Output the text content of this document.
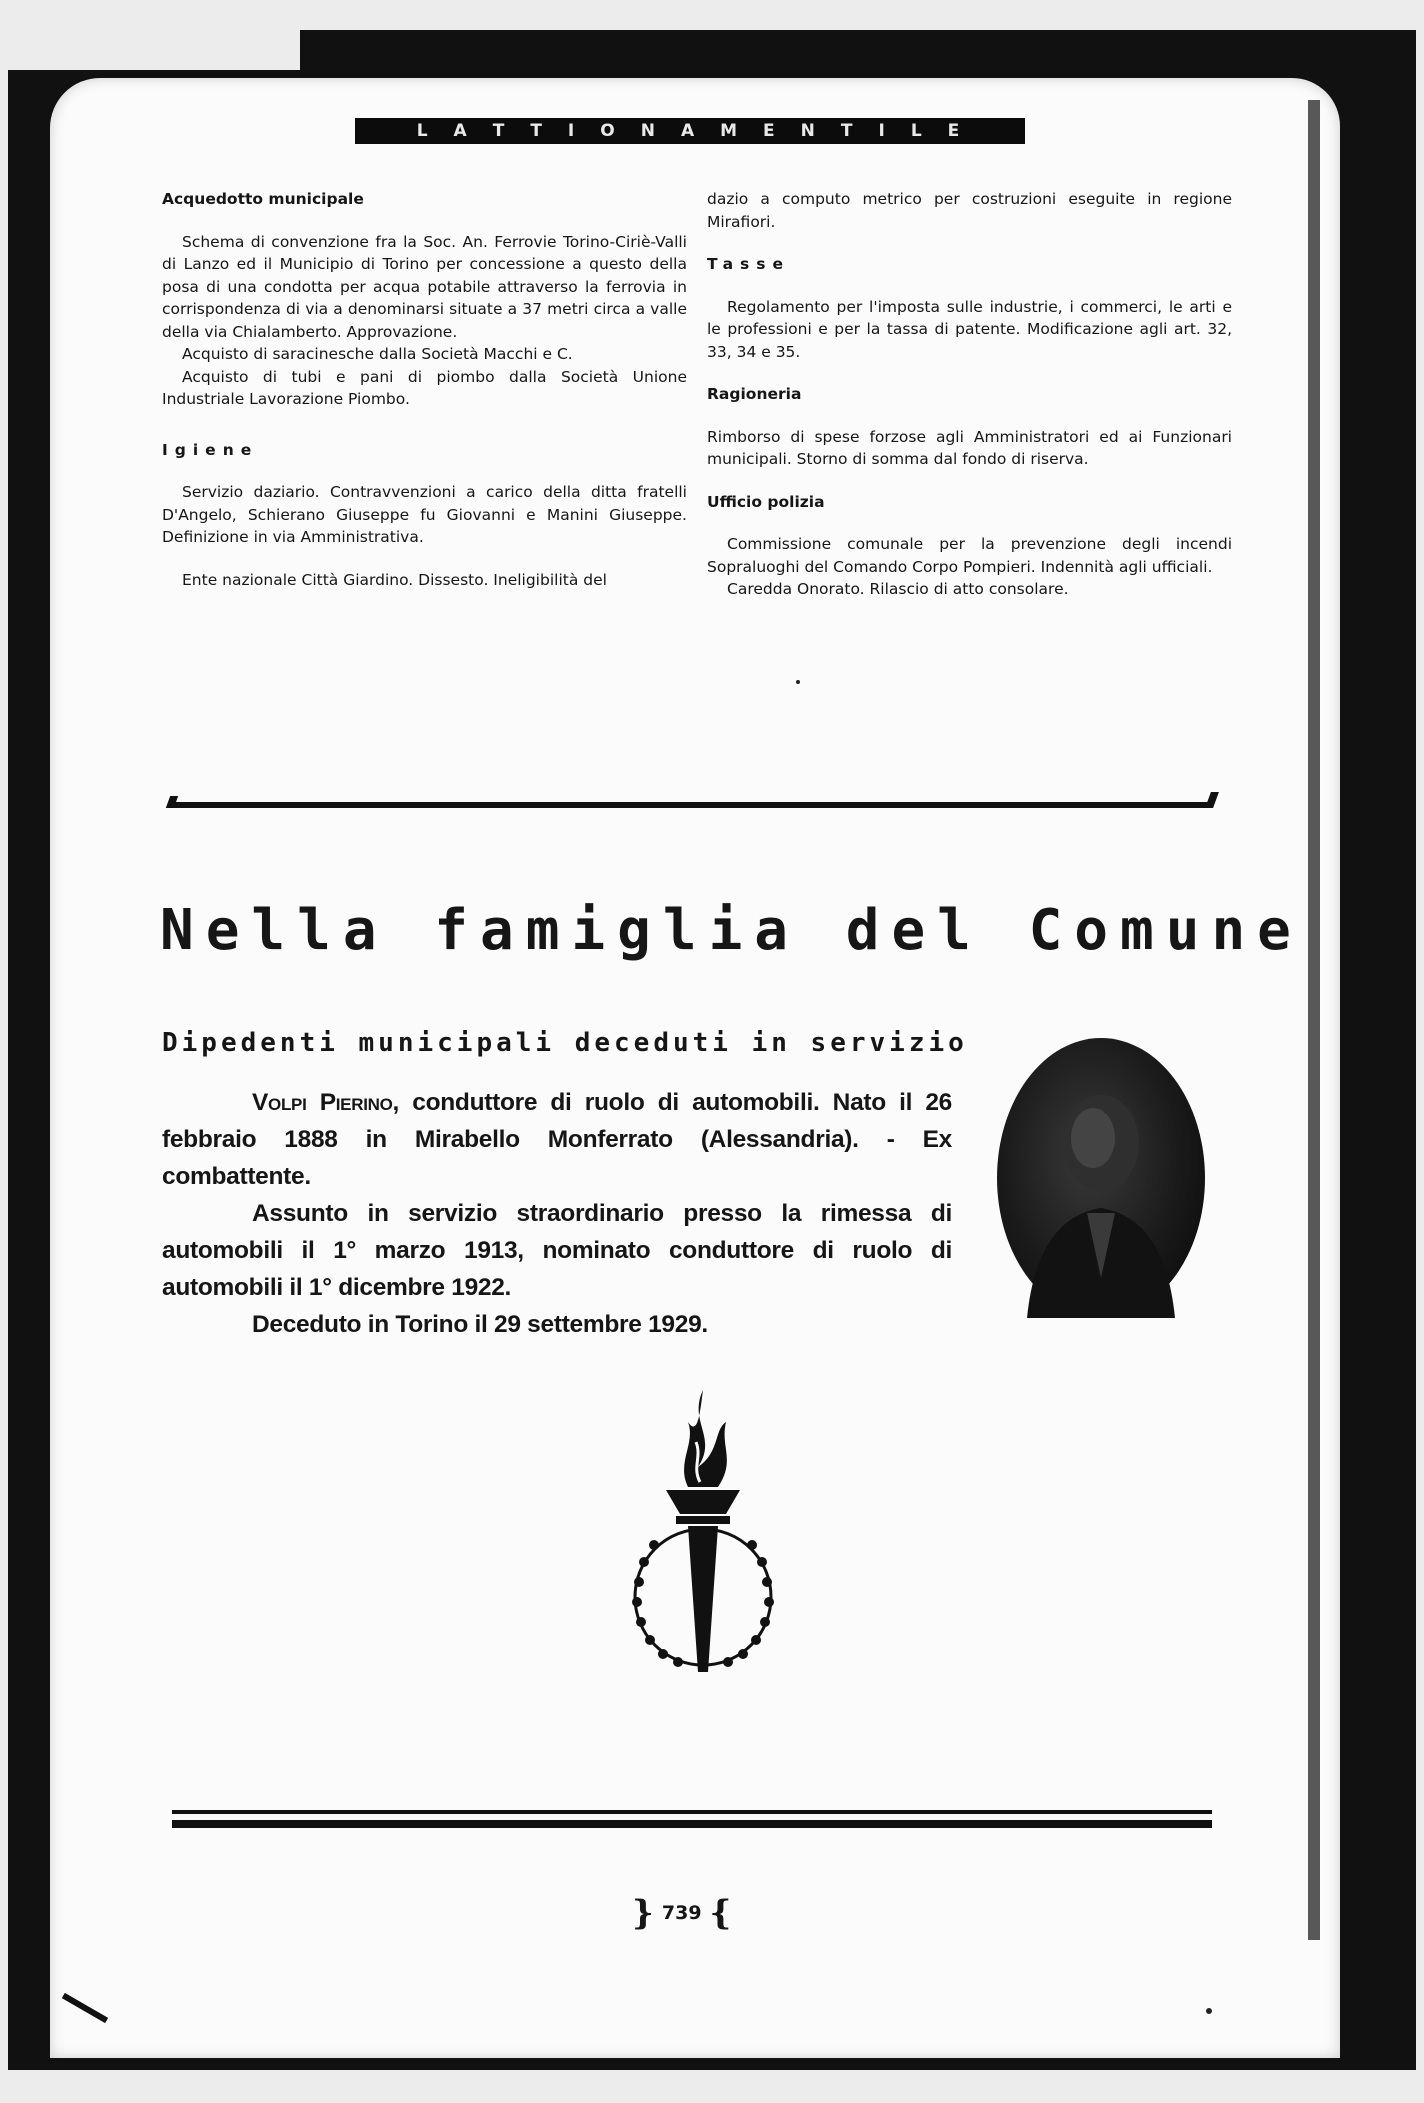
L A T T I O N A M E N T I L E
Acquedotto municipale

Schema di convenzione fra la Soc. An. Ferrovie Torino-Ciriè-Valli di Lanzo ed il Municipio di Torino per concessione a questo della posa di una condotta per acqua potabile attraverso la ferrovia in corrispondenza di via a denominarsi situate a 37 metri circa a valle della via Chialamberto. Approvazione.

Acquisto di saracinesche dalla Società Macchi e C.

Acquisto di tubi e pani di piombo dalla Società Unione Industriale Lavorazione Piombo.

Igiene

Servizio daziario. Contravvenzioni a carico della ditta fratelli D'Angelo, Schierano Giuseppe fu Giovanni e Manini Giuseppe. Definizione in via Amministrativa.

Ente nazionale Città Giardino. Dissesto. Ineligibilità del

dazio a computo metrico per costruzioni eseguite in regione Mirafiori.

Tasse

Regolamento per l'imposta sulle industrie, i commerci, le arti e le professioni e per la tassa di patente. Modificazione agli art. 32, 33, 34 e 35.

Ragioneria

Rimborso di spese forzose agli Amministratori ed ai Funzionari municipali. Storno di somma dal fondo di riserva.

Ufficio polizia

Commissione comunale per la prevenzione degli incendi Sopraluoghi del Comando Corpo Pompieri. Indennità agli ufficiali.

Caredda Onorato. Rilascio di atto consolare.

Nella famiglia del Comune
Dipedenti municipali deceduti in servizio

Volpi Pierino, conduttore di ruolo di automobili. Nato il 26 febbraio 1888 in Mirabello Monferrato (Alessandria). - Ex combattente.

Assunto in servizio straordinario presso la rimessa di automobili il 1° marzo 1913, nominato conduttore di ruolo di automobili il 1° dicembre 1922.

Deceduto in Torino il 29 settembre 1929.

} 739 {
